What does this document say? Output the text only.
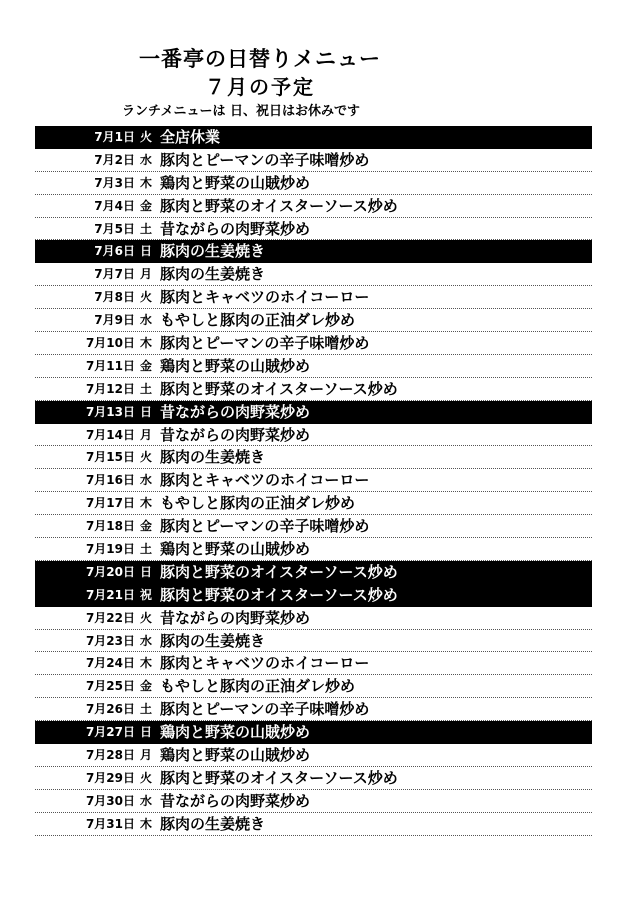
一番亭の日替りメニュー
７月の予定
ランチメニューは 日、祝日はお休みです
7月1日 火 全店休業
7月2日 水 豚肉とピーマンの辛子味噌炒め
7月3日 木 鶏肉と野菜の山賊炒め
7月4日 金 豚肉と野菜のオイスターソース炒め
7月5日 土 昔ながらの肉野菜炒め
7月6日 日 豚肉の生姜焼き
7月7日 月 豚肉の生姜焼き
7月8日 火 豚肉とキャベツのホイコーロー
7月9日 水 もやしと豚肉の正油ダレ炒め
7月10日 木 豚肉とピーマンの辛子味噌炒め
7月11日 金 鶏肉と野菜の山賊炒め
7月12日 土 豚肉と野菜のオイスターソース炒め
7月13日 日 昔ながらの肉野菜炒め
7月14日 月 昔ながらの肉野菜炒め
7月15日 火 豚肉の生姜焼き
7月16日 水 豚肉とキャベツのホイコーロー
7月17日 木 もやしと豚肉の正油ダレ炒め
7月18日 金 豚肉とピーマンの辛子味噌炒め
7月19日 土 鶏肉と野菜の山賊炒め
7月20日 日 豚肉と野菜のオイスターソース炒め
7月21日 祝 豚肉と野菜のオイスターソース炒め
7月22日 火 昔ながらの肉野菜炒め
7月23日 水 豚肉の生姜焼き
7月24日 木 豚肉とキャベツのホイコーロー
7月25日 金 もやしと豚肉の正油ダレ炒め
7月26日 土 豚肉とピーマンの辛子味噌炒め
7月27日 日 鶏肉と野菜の山賊炒め
7月28日 月 鶏肉と野菜の山賊炒め
7月29日 火 豚肉と野菜のオイスターソース炒め
7月30日 水 昔ながらの肉野菜炒め
7月31日 木 豚肉の生姜焼き
